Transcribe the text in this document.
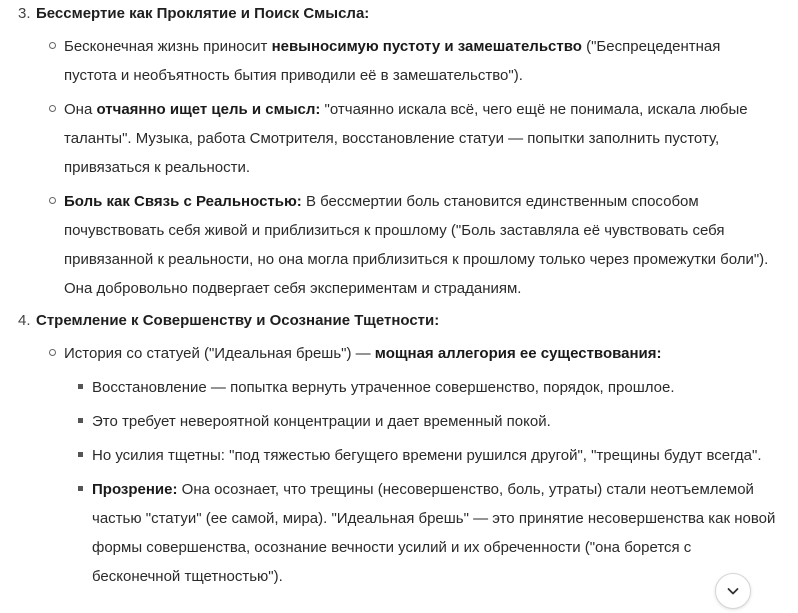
3. Бессмертие как Проклятие и Поиск Смысла:
Бесконечная жизнь приносит невыносимую пустоту и замешательство ("Беспрецедентная пустота и необъятность бытия приводили её в замешательство").
Она отчаянно ищет цель и смысл: "отчаянно искала всё, чего ещё не понимала, искала любые таланты". Музыка, работа Смотрителя, восстановление статуи — попытки заполнить пустоту, привязаться к реальности.
Боль как Связь с Реальностью: В бессмертии боль становится единственным способом почувствовать себя живой и приблизиться к прошлому ("Боль заставляла её чувствовать себя привязанной к реальности, но она могла приблизиться к прошлому только через промежутки боли"). Она добровольно подвергает себя экспериментам и страданиям.
4. Стремление к Совершенству и Осознание Тщетности:
История со статуей ("Идеальная брешь") — мощная аллегория ее существования:
Восстановление — попытка вернуть утраченное совершенство, порядок, прошлое.
Это требует невероятной концентрации и дает временный покой.
Но усилия тщетны: "под тяжестью бегущего времени рушился другой", "трещины будут всегда".
Прозрение: Она осознает, что трещины (несовершенство, боль, утраты) стали неотъемлемой частью "статуи" (ее самой, мира). "Идеальная брешь" — это принятие несовершенства как новой формы совершенства, осознание вечности усилий и их обреченности ("она борется с бесконечной тщетностью").
